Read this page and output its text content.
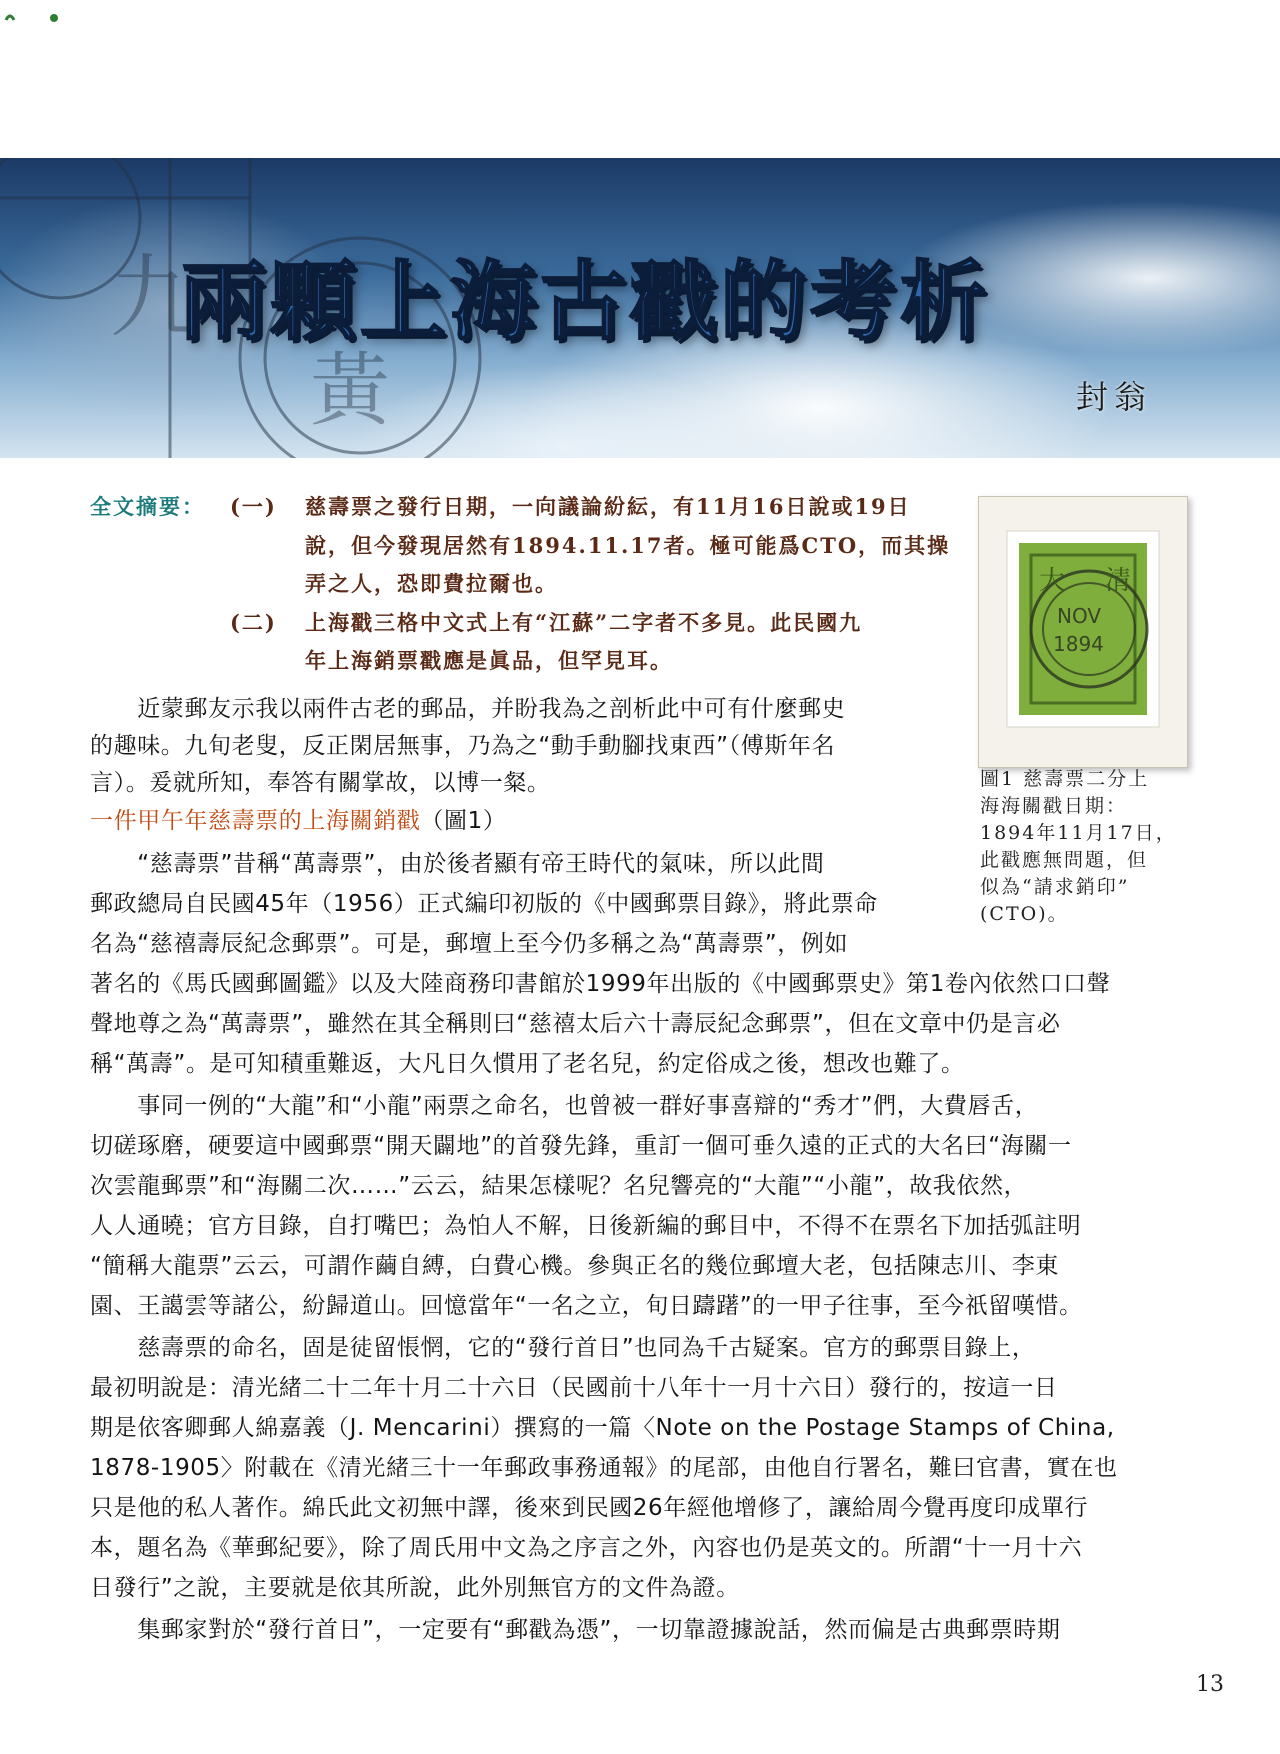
九
黃
兩顆上海古戳的考析
封翁
全文摘要： (一) 慈壽票之發行日期，一向議論紛紜，有11月16日說或19日
說，但今發現居然有1894.11.17者。極可能爲CTO，而其操
弄之人，恐即費拉爾也。
(二) 上海戳三格中文式上有“江蘇”二字者不多見。此民國九
年上海銷票戳應是眞品，但罕見耳。
NOV
1894
大 清
圖1 慈壽票二分上
海海關戳日期：
1894年11月17日，
此戳應無問題，但
似為“請求銷印”
(CTO)。
　　近蒙郵友示我以兩件古老的郵品，并盼我為之剖析此中可有什麼郵史
的趣味。九旬老叟，反正閑居無事，乃為之“動手動腳找東西”（傅斯年名
言）。爰就所知，奉答有關掌故，以博一粲。
一件甲午年慈壽票的上海關銷戳（圖1）
　　“慈壽票”昔稱“萬壽票”，由於後者顯有帝王時代的氣味，所以此間
郵政總局自民國45年（1956）正式編印初版的《中國郵票目錄》，將此票命
名為“慈禧壽辰紀念郵票”。可是，郵壇上至今仍多稱之為“萬壽票”，例如
著名的《馬氏國郵圖鑑》以及大陸商務印書館於1999年出版的《中國郵票史》第1卷內依然口口聲
聲地尊之為“萬壽票”，雖然在其全稱則曰“慈禧太后六十壽辰紀念郵票”，但在文章中仍是言必
稱“萬壽”。是可知積重難返，大凡日久慣用了老名兒，約定俗成之後，想改也難了。
　　事同一例的“大龍”和“小龍”兩票之命名，也曾被一群好事喜辯的“秀才”們，大費唇舌，
切磋琢磨，硬要這中國郵票“開天闢地”的首發先鋒，重訂一個可垂久遠的正式的大名曰“海關一
次雲龍郵票”和“海關二次……”云云，結果怎樣呢？名兒響亮的“大龍”“小龍”，故我依然，
人人通曉；官方目錄，自打嘴巴；為怕人不解，日後新編的郵目中，不得不在票名下加括弧註明
“簡稱大龍票”云云，可謂作繭自縛，白費心機。參與正名的幾位郵壇大老，包括陳志川、李東
園、王譪雲等諸公，紛歸道山。回憶當年“一名之立，旬日躊躇”的一甲子往事，至今祇留嘆惜。
　　慈壽票的命名，固是徒留悵惘，它的“發行首日”也同為千古疑案。官方的郵票目錄上，
最初明說是：清光緒二十二年十月二十六日（民國前十八年十一月十六日）發行的，按這一日
期是依客卿郵人綿嘉義（J. Mencarini）撰寫的一篇〈Note on the Postage Stamps of China,
1878-1905〉附載在《清光緒三十一年郵政事務通報》的尾部，由他自行署名，難曰官書，實在也
只是他的私人著作。綿氏此文初無中譯，後來到民國26年經他增修了，讓給周今覺再度印成單行
本，題名為《華郵紀要》，除了周氏用中文為之序言之外，內容也仍是英文的。所謂“十一月十六
日發行”之說，主要就是依其所說，此外別無官方的文件為證。
　　集郵家對於“發行首日”，一定要有“郵戳為憑”，一切靠證據說話，然而偏是古典郵票時期
13
